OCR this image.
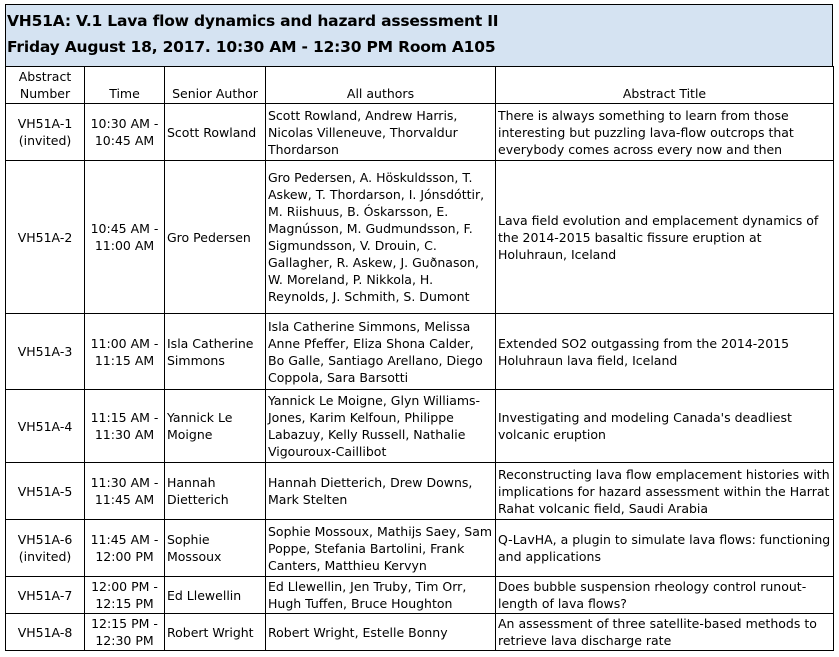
VH51A: V.1 Lava flow dynamics and hazard assessment II
Friday August 18, 2017. 10:30 AM - 12:30 PM Room A105
Abstract
Number	Time	Senior Author	All authors	Abstract Title
VH51A-1
(invited)	10:30 AM -
10:45 AM	Scott Rowland	Scott Rowland, Andrew Harris, Nicolas Villeneuve, Thorvaldur Thordarson	There is always something to learn from those interesting but puzzling lava-flow outcrops that everybody comes across every now and then
VH51A-2	10:45 AM -
11:00 AM	Gro Pedersen	Gro Pedersen, A. Höskuldsson, T. Askew, T. Thordarson, I. Jónsdóttir, M. Riishuus, B. Óskarsson, E. Magnússon, M. Gudmundsson, F. Sigmundsson, V. Drouin, C. Gallagher, R. Askew, J. Guðnason, W. Moreland, P. Nikkola, H. Reynolds, J. Schmith, S. Dumont	Lava field evolution and emplacement dynamics of the 2014-2015 basaltic fissure eruption at Holuhraun, Iceland
VH51A-3	11:00 AM -
11:15 AM	Isla Catherine Simmons	Isla Catherine Simmons, Melissa Anne Pfeffer, Eliza Shona Calder, Bo Galle, Santiago Arellano, Diego Coppola, Sara Barsotti	Extended SO2 outgassing from the 2014-2015 Holuhraun lava field, Iceland
VH51A-4	11:15 AM -
11:30 AM	Yannick Le Moigne	Yannick Le Moigne, Glyn Williams-Jones, Karim Kelfoun, Philippe Labazuy, Kelly Russell, Nathalie Vigouroux-Caillibot	Investigating and modeling Canada's deadliest volcanic eruption
VH51A-5	11:30 AM -
11:45 AM	Hannah Dietterich	Hannah Dietterich, Drew Downs, Mark Stelten	Reconstructing lava flow emplacement histories with implications for hazard assessment within the Harrat Rahat volcanic field, Saudi Arabia
VH51A-6
(invited)	11:45 AM -
12:00 PM	Sophie Mossoux	Sophie Mossoux, Mathijs Saey, Sam Poppe, Stefania Bartolini, Frank Canters, Matthieu Kervyn	Q-LavHA, a plugin to simulate lava flows: functioning and applications
VH51A-7	12:00 PM -
12:15 PM	Ed Llewellin	Ed Llewellin, Jen Truby, Tim Orr, Hugh Tuffen, Bruce Houghton	Does bubble suspension rheology control runout-length of lava flows?
VH51A-8	12:15 PM -
12:30 PM	Robert Wright	Robert Wright, Estelle Bonny	An assessment of three satellite-based methods to retrieve lava discharge rate
